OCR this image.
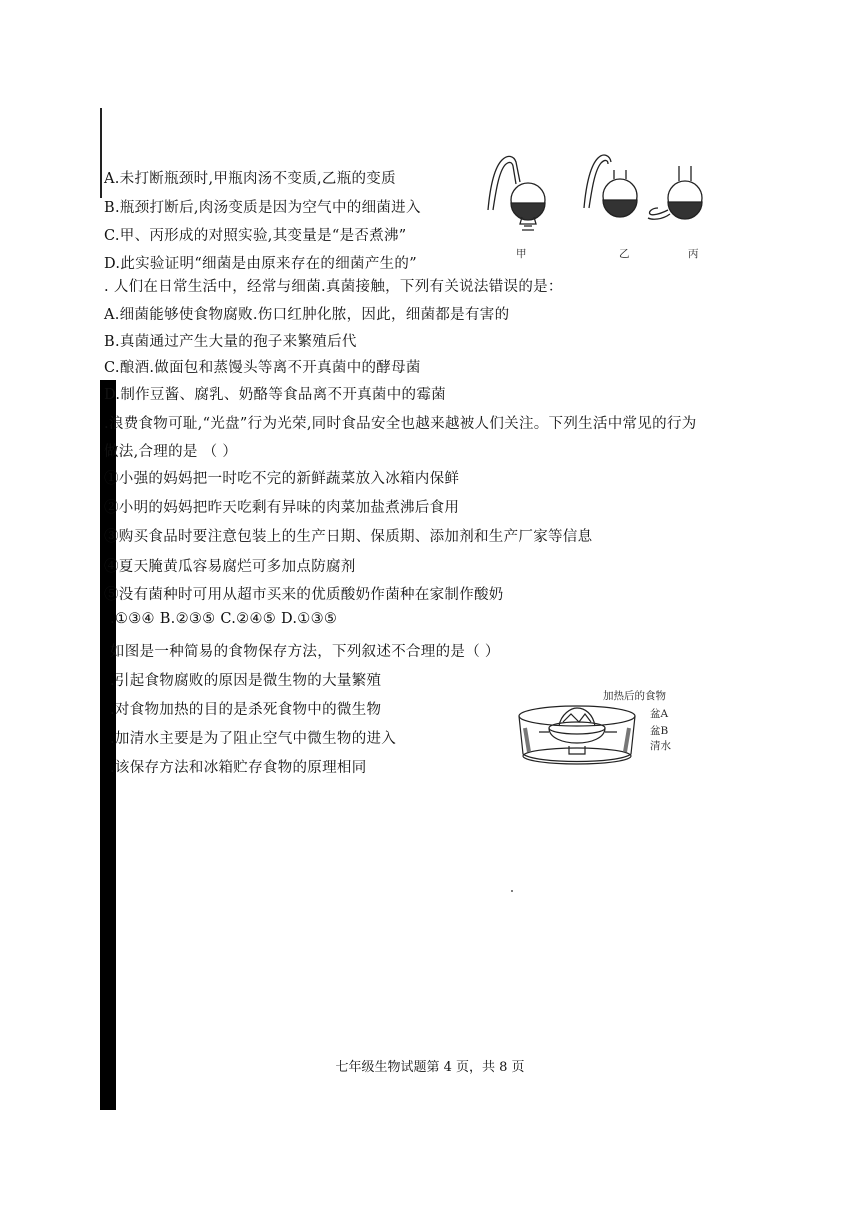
A.未打断瓶颈时,甲瓶肉汤不变质,乙瓶的变质
B.瓶颈打断后,肉汤变质是因为空气中的细菌进入
C.甲、丙形成的对照实验,其变量是“是否煮沸”
D.此实验证明“细菌是由原来存在的细菌产生的”
. 人们在日常生活中，经常与细菌.真菌接触，下列有关说法错误的是：
A.细菌能够使食物腐败.伤口红肿化脓，因此，细菌都是有害的
B.真菌通过产生大量的孢子来繁殖后代
C.酿酒.做面包和蒸馒头等离不开真菌中的酵母菌
D.制作豆酱、腐乳、奶酪等食品离不开真菌中的霉菌
.浪费食物可耻,“光盘”行为光荣,同时食品安全也越来越被人们关注。下列生活中常见的行为
做法,合理的是 （ ）
①小强的妈妈把一时吃不完的新鲜蔬菜放入冰箱内保鲜
②小明的妈妈把昨天吃剩有异味的肉菜加盐煮沸后食用
③购买食品时要注意包装上的生产日期、保质期、添加剂和生产厂家等信息
④夏天腌黄瓜容易腐烂可多加点防腐剂
⑤没有菌种时可用从超市买来的优质酸奶作菌种在家制作酸奶
.①③④ B.②③⑤ C.②④⑤ D.①③⑤
如图是一种简易的食物保存方法，下列叙述不合理的是（ ）
.引起食物腐败的原因是微生物的大量繁殖
.对食物加热的目的是杀死食物中的微生物
.加清水主要是为了阻止空气中微生物的进入
.该保存方法和冰箱贮存食物的原理相同
甲	乙	丙
加热后的食物
盆A
盆B
清水
七年级生物试题第 4 页，共 8 页
